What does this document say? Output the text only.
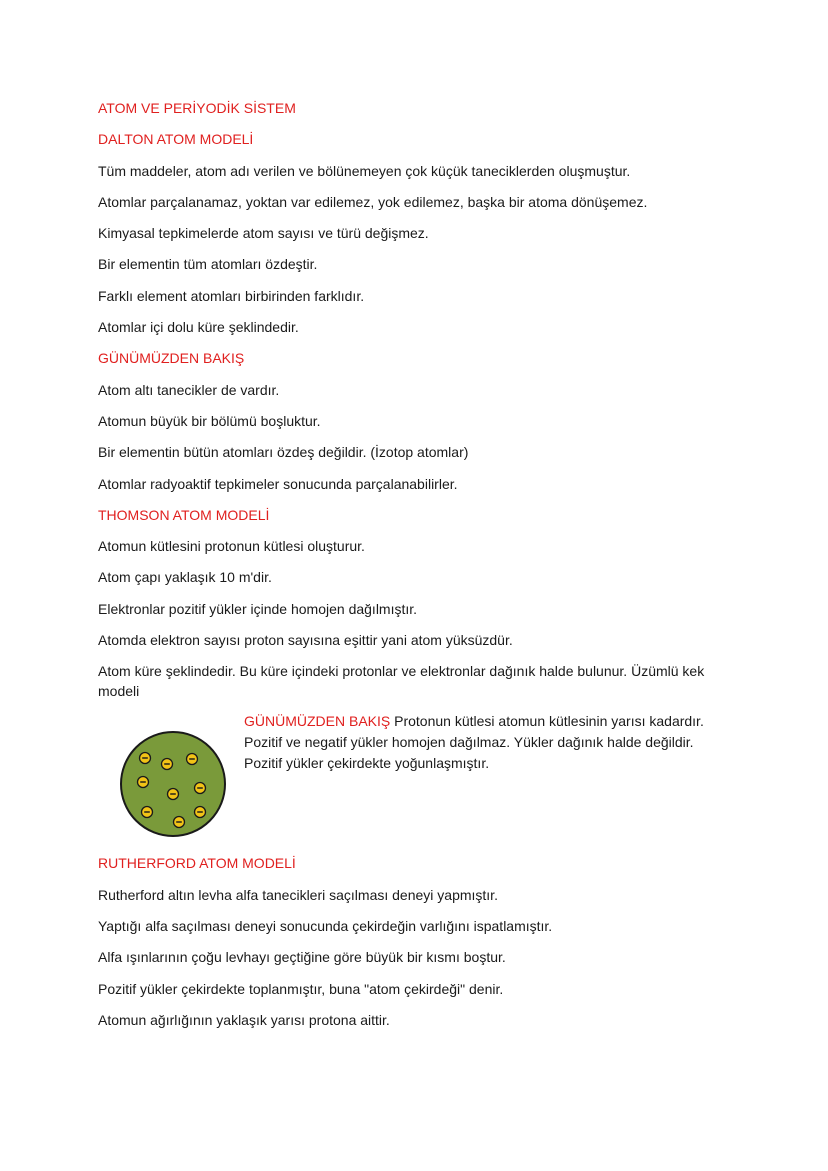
ATOM VE PERİYODİK SİSTEM
DALTON ATOM MODELİ
Tüm maddeler, atom adı verilen ve bölünemeyen çok küçük taneciklerden oluşmuştur.
Atomlar parçalanamaz, yoktan var edilemez, yok edilemez, başka bir atoma dönüşemez.
Kimyasal tepkimelerde atom sayısı ve türü değişmez.
Bir elementin tüm atomları özdeştir.
Farklı element atomları birbirinden farklıdır.
Atomlar içi dolu küre şeklindedir.
GÜNÜMÜZDEN BAKIŞ
Atom altı tanecikler de vardır.
Atomun büyük bir bölümü boşluktur.
Bir elementin bütün atomları özdeş değildir. (İzotop atomlar)
Atomlar radyoaktif tepkimeler sonucunda parçalanabilirler.
THOMSON ATOM MODELİ
Atomun kütlesini protonun kütlesi oluşturur.
Atom çapı yaklaşık 10 m'dir.
Elektronlar pozitif yükler içinde homojen dağılmıştır.
Atomda elektron sayısı proton sayısına eşittir yani atom yüksüzdür.
Atom küre şeklindedir. Bu küre içindeki protonlar ve elektronlar dağınık halde bulunur. Üzümlü kek modeli
GÜNÜMÜZDEN BAKIŞ Protonun kütlesi atomun kütlesinin yarısı kadardır. Pozitif ve negatif yükler homojen dağılmaz. Yükler dağınık halde değildir. Pozitif yükler çekirdekte yoğunlaşmıştır.
RUTHERFORD ATOM MODELİ
Rutherford altın levha alfa tanecikleri saçılması deneyi yapmıştır.
Yaptığı alfa saçılması deneyi sonucunda çekirdeğin varlığını ispatlamıştır.
Alfa ışınlarının çoğu levhayı geçtiğine göre büyük bir kısmı boştur.
Pozitif yükler çekirdekte toplanmıştır, buna "atom çekirdeği" denir.
Atomun ağırlığının yaklaşık yarısı protona aittir.
